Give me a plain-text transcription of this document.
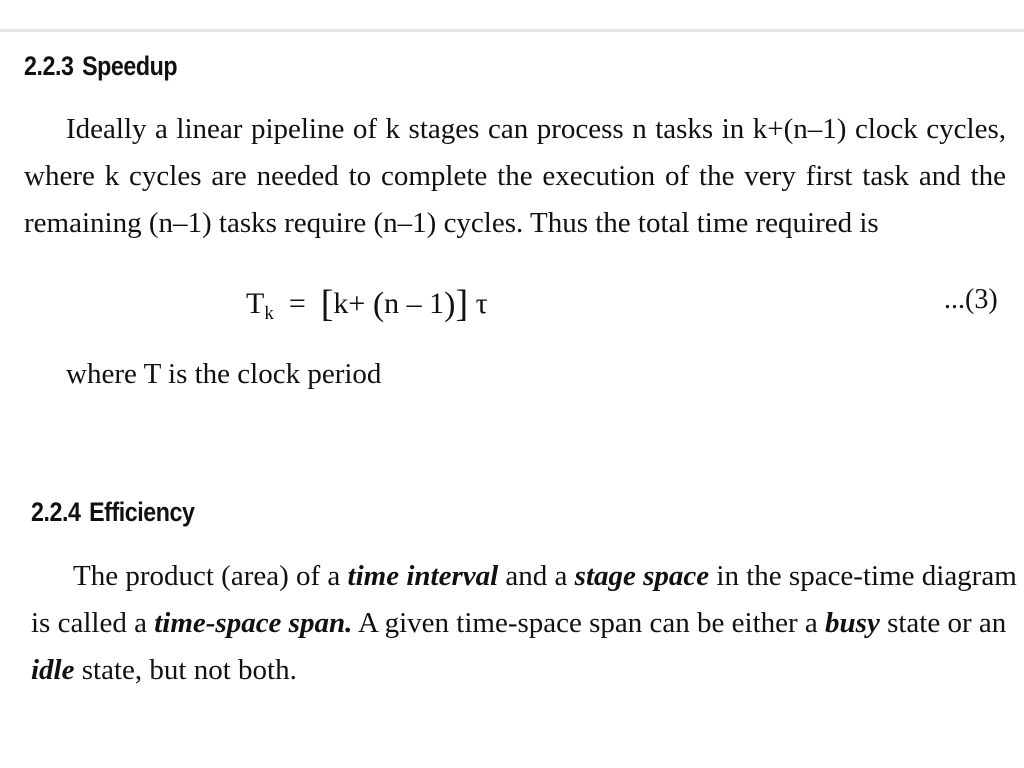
2.2.3 Speedup
Ideally a linear pipeline of k stages can process n tasks in k+(n–1) clock cycles,
where k cycles are needed to complete the execution of the very first task and the
remaining (n–1) tasks require (n–1) cycles. Thus the total time required is
$T_k = [k+ (n - 1)]$ τ	...(3)
where T is the clock period
2.2.4 Efficiency
The product (area) of a time interval and a stage space in the space-time diagram
is called a time-space span. A given time-space span can be either a busy state or an
idle state, but not both.
